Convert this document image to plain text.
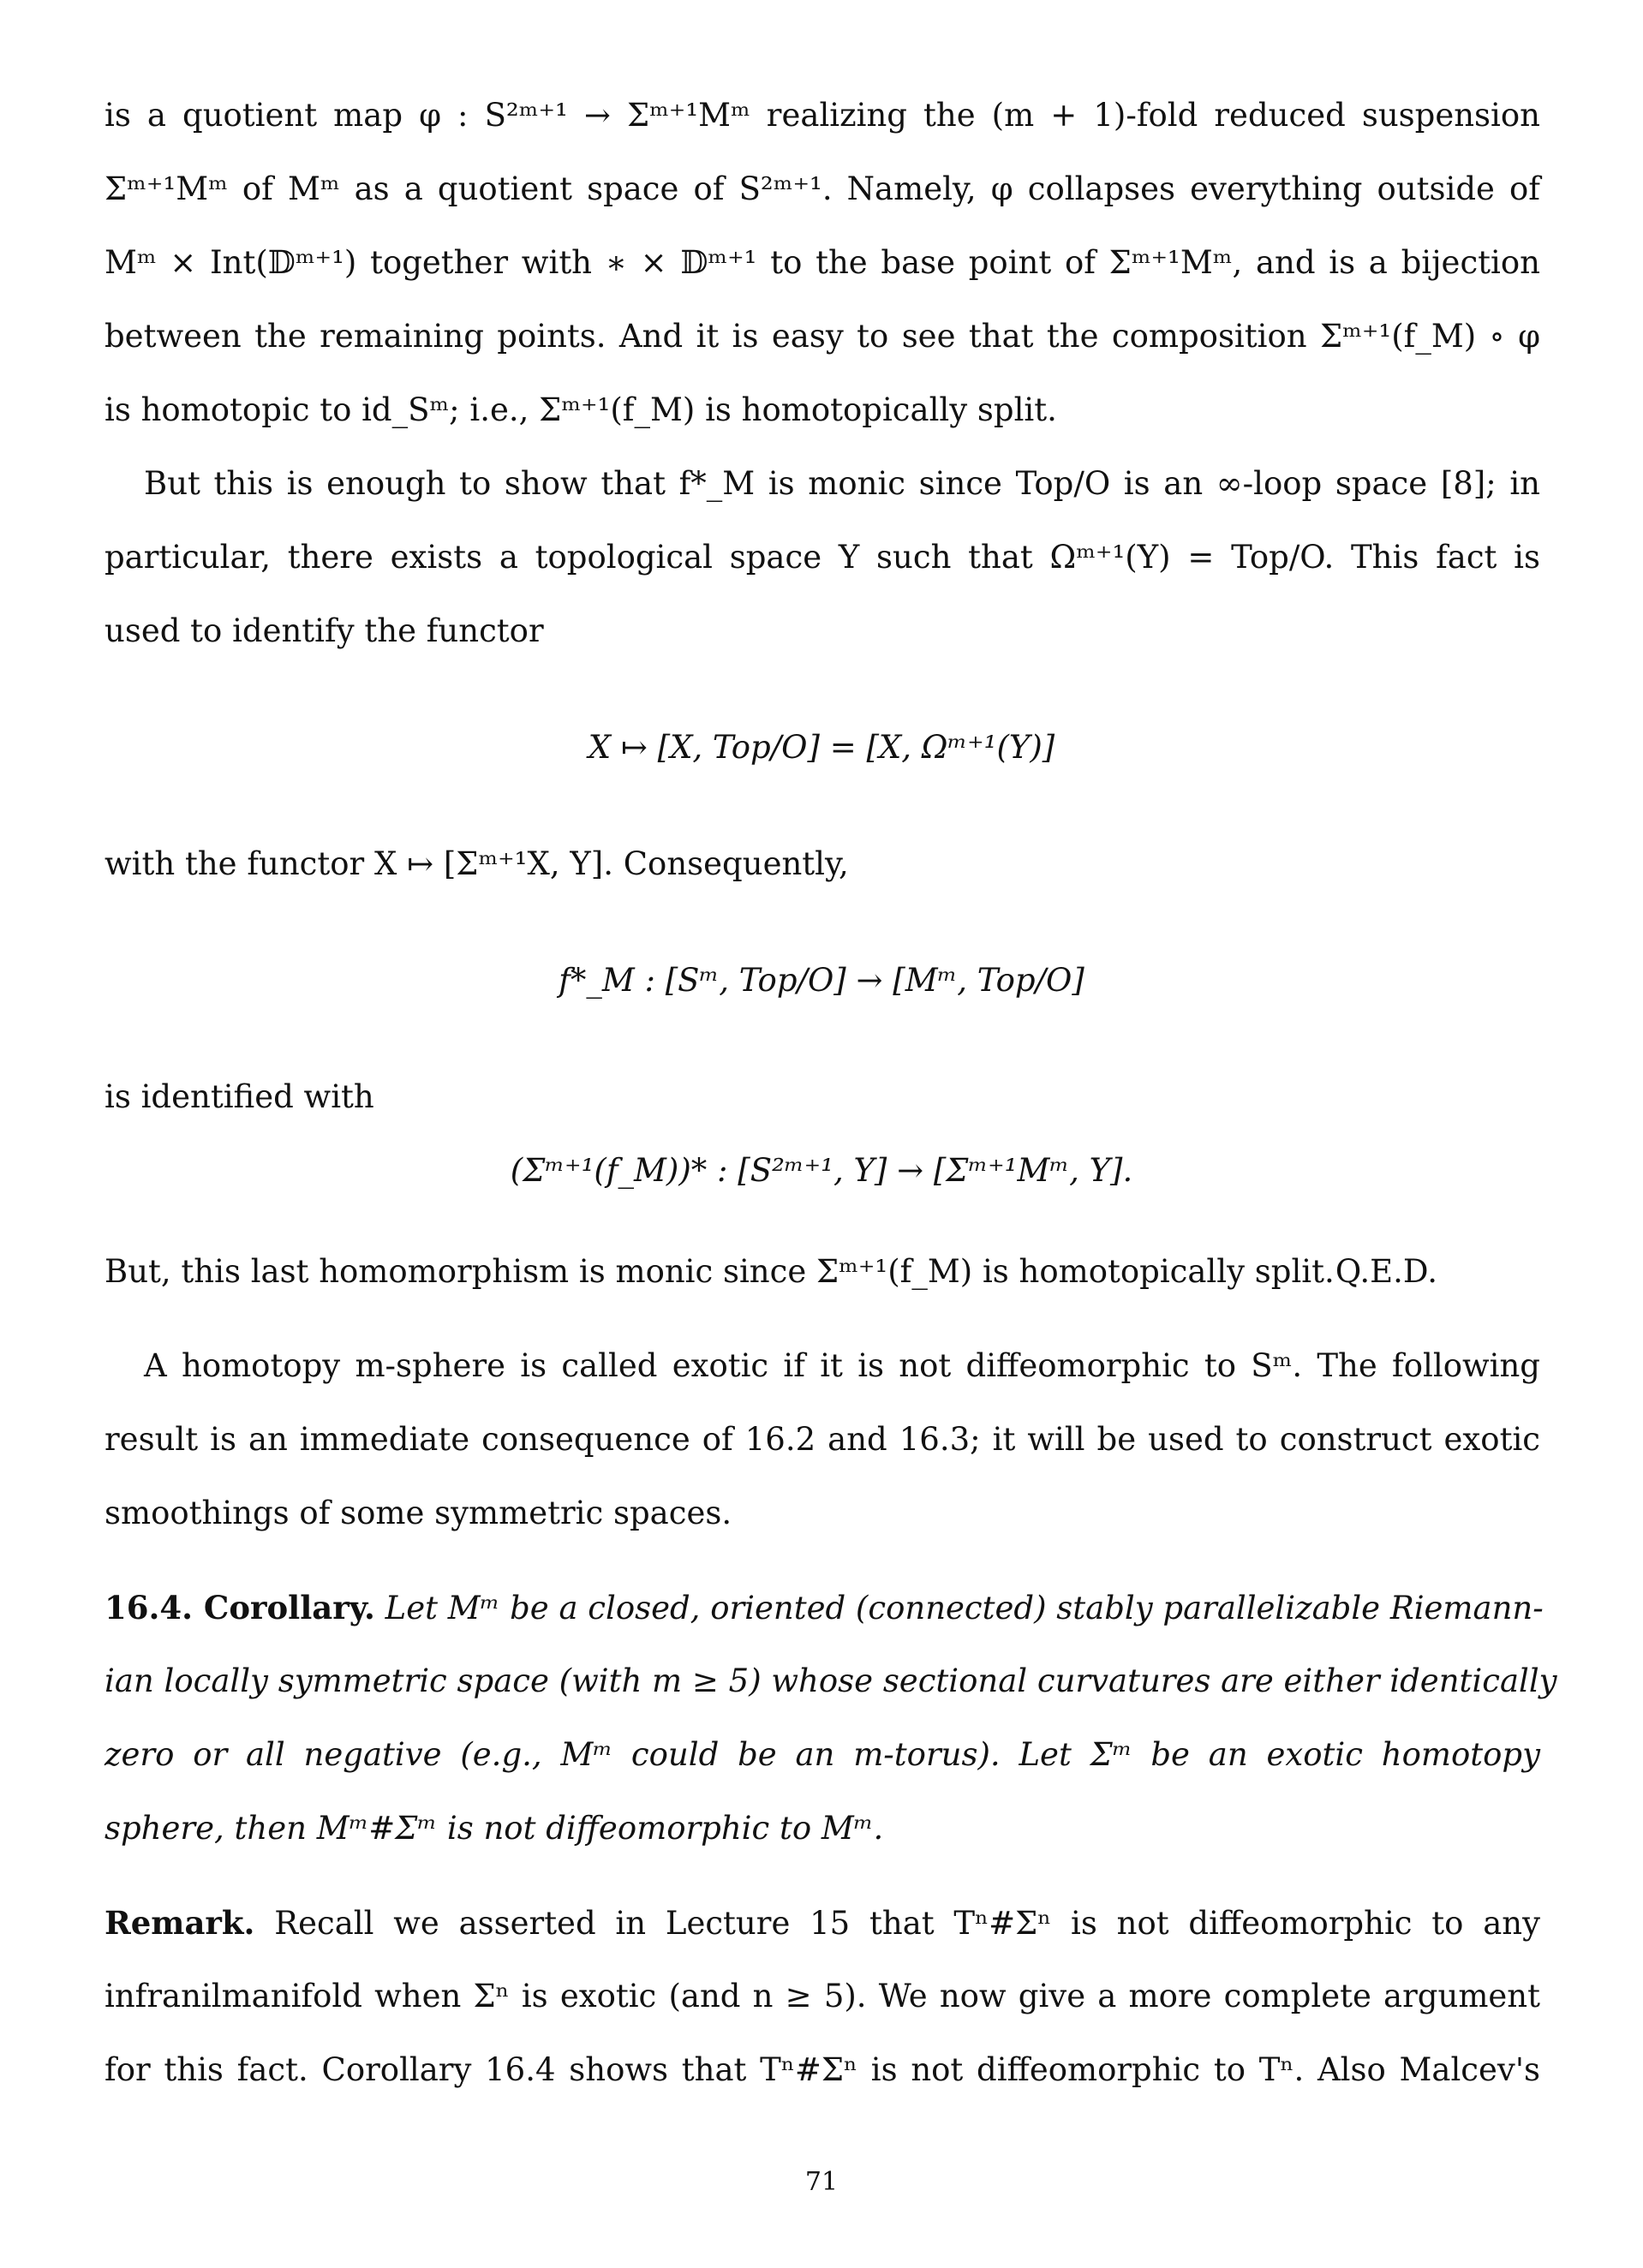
is a quotient map φ : S²ᵐ⁺¹ → Σᵐ⁺¹Mᵐ realizing the (m + 1)-fold reduced suspension
Σᵐ⁺¹Mᵐ of Mᵐ as a quotient space of S²ᵐ⁺¹. Namely, φ collapses everything outside of
Mᵐ × Int(𝔻ᵐ⁺¹) together with ∗ × 𝔻ᵐ⁺¹ to the base point of Σᵐ⁺¹Mᵐ, and is a bijection
between the remaining points. And it is easy to see that the composition Σᵐ⁺¹(f_M) ∘ φ
is homotopic to id_Sᵐ; i.e., Σᵐ⁺¹(f_M) is homotopically split.
But this is enough to show that f*_M is monic since Top/O is an ∞-loop space [8]; in
particular, there exists a topological space Y such that Ωᵐ⁺¹(Y) = Top/O. This fact is
used to identify the functor
X ↦ [X, Top/O] = [X, Ωᵐ⁺¹(Y)]
with the functor X ↦ [Σᵐ⁺¹X, Y]. Consequently,
f*_M : [Sᵐ, Top/O] → [Mᵐ, Top/O]
is identified with
(Σᵐ⁺¹(f_M))* : [S²ᵐ⁺¹, Y] → [Σᵐ⁺¹Mᵐ, Y].
But, this last homomorphism is monic since Σᵐ⁺¹(f_M) is homotopically split. Q.E.D.
A homotopy m-sphere is called exotic if it is not diffeomorphic to Sᵐ. The following
result is an immediate consequence of 16.2 and 16.3; it will be used to construct exotic
smoothings of some symmetric spaces.
16.4. Corollary. Let Mᵐ be a closed, oriented (connected) stably parallelizable Riemann-
ian locally symmetric space (with m ≥ 5) whose sectional curvatures are either identically
zero or all negative (e.g., Mᵐ could be an m-torus). Let Σᵐ be an exotic homotopy
sphere, then Mᵐ#Σᵐ is not diffeomorphic to Mᵐ.
Remark. Recall we asserted in Lecture 15 that Tⁿ#Σⁿ is not diffeomorphic to any
infranilmanifold when Σⁿ is exotic (and n ≥ 5). We now give a more complete argument
for this fact. Corollary 16.4 shows that Tⁿ#Σⁿ is not diffeomorphic to Tⁿ. Also Malcev's
71
